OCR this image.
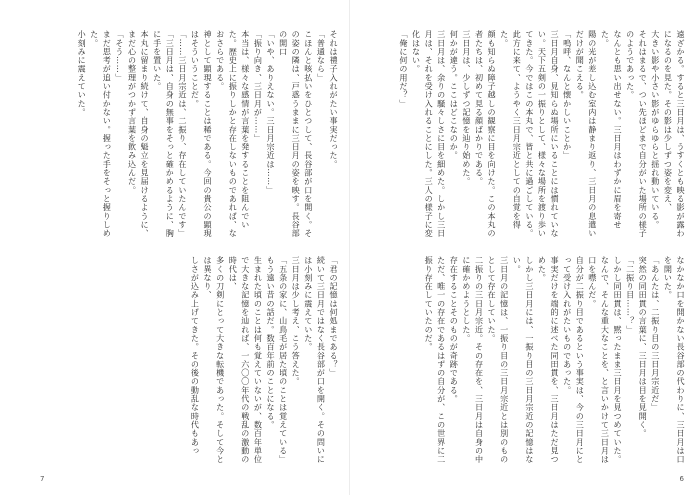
それは禮子入れがたい事実だった。
「普通なら」
こほんと咳払いをひとつして、長谷部が口を開く。その姿の隣は、戸惑うままに三日月の姿を映す。長谷部の開口
「いや、ありえない。三日月宗近は……」
「振り向き、三日月が……」
本当は、様々な感情が言葉を発することを阻んでいた。歴史上に振りしかと存在しないものであれば、なおさらである。
神として顕現することは稀である。今回の貴公の顕現はそういうことだ。
「……三日月宗近は、二振り、存在していたんです」
「三日月は、自身の無事をそっと確かめるように、胸に手を置いた。
本丸に留まり続けて、自身の魁立を見届けるように、まだ心の整理がつかず言葉を飲み込んだ。
「そう……」
まだ思考が追い付かない。握った手をそっと握りしめた。
小刻みに震えていた。
「君の記憶は何処まである？」
続いて三日月ではなく長谷部が口を開く。その問いには小刻みに震えていた。
三日月は少し考え、こう答えた。
「五条の家に、山鳥毛が居た頃のことは覚えている」
もう遠い昔の話だ。数百年前のことになる。
生まれた頃のことは何も覚えていないが、数百年単位で大きな記憶を辿れば、一六〇〇年代の戦乱の激動の時代は、
多くの刀剣にとって大きな転機であった。そして今とは異なり、
しさが込み上げてきた。その後の動乱な時代もあっ
7
遠ざかる。すると三日月は、うすくとも映る影が露わになるのを見た。その影は少しずつ姿を変え、
大きい影や小さい影がゆらゆらと揺れ動いている。
それはまるで、つい先ほどまで自分がいた場所の様子のようであった。
なんとも思い出せない。三日月はわずかに眉を寄せた。
陽の光が差し込む室内は静まり返り、三日月の息遣いだけが聞こえる。
「嗚呼、なんと懐かしいことか」
三日月自身、見知らぬ場所にいることには慣れていない。天下五剣の一振りとして、様々な場所を渡り歩いてきた。今ではこの本丸で、皆と共に過ごしている。
此方に来て、ようやく三日月宗近としての自覚を得た。
顔も知らぬ障子越しの観察に目を向けた。この本丸の者たちは、初めて見る顔ばかりである。
三日月は、少しずつ記憶を辿り始めた。
何かが違う。ここはどこなのか。
三日月は、余りの騒々しさに目を細めた。しかし三日月は、それを受け入れることにした。三人の様子に変化はない。
「俺に何の用だ？」
なかなか口を開かない長谷部の代わりに、三日月は口を開いた。
「あんたは、二振り目の三日月宗近だ」
突然の同田貫の言葉に、三日月は目を見開く。
「二振り目……？」
しかし同田貫は、黙ったまま三日月を見つめていた。
なんで、そんな重大なことを、と言いかけて三日月は口を噤んだ。
自分が二振り目であるという事実は、今の三日月にとって受け入れがたいものであった。
事実だけを端的に述べた同田貫を、三日月はただ見つめた。
しかし三日月には、一振り目の三日月宗近の記憶はない。
三日月の記憶は、一振り目の三日月宗近とは別のものとして存在していた。
二振りの三日月宗近。その存在を、三日月は自身の中に確かめようとした。
存在することそのものが奇跡である。
ただ、唯一の存在であるはずの自分が、この世界に二振り存在していたのだ。
6
